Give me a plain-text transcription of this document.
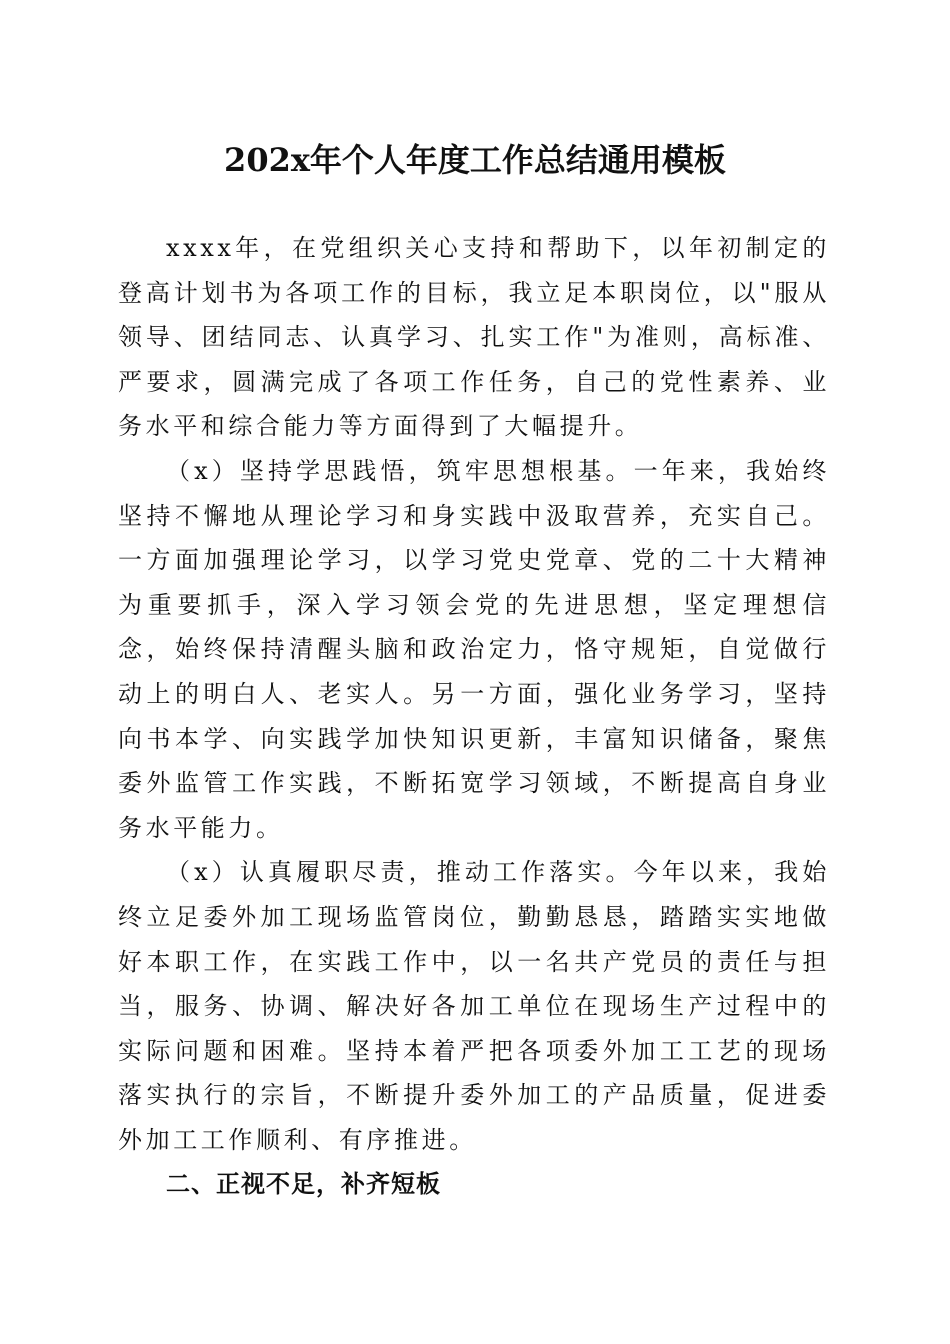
202x年个人年度工作总结通用模板

xxxx年，在党组织关心支持和帮助下，以年初制定的登高计划书为各项工作的目标，我立足本职岗位，以"服从领导、团结同志、认真学习、扎实工作"为准则，高标准、严要求，圆满完成了各项工作任务，自己的党性素养、业务水平和综合能力等方面得到了大幅提升。

（x）坚持学思践悟，筑牢思想根基。一年来，我始终坚持不懈地从理论学习和身实践中汲取营养，充实自己。一方面加强理论学习，以学习党史党章、党的二十大精神为重要抓手，深入学习领会党的先进思想，坚定理想信念，始终保持清醒头脑和政治定力，恪守规矩，自觉做行动上的明白人、老实人。另一方面，强化业务学习，坚持向书本学、向实践学加快知识更新，丰富知识储备，聚焦委外监管工作实践，不断拓宽学习领域，不断提高自身业务水平能力。

（x）认真履职尽责，推动工作落实。今年以来，我始终立足委外加工现场监管岗位，勤勤恳恳，踏踏实实地做好本职工作，在实践工作中，以一名共产党员的责任与担当，服务、协调、解决好各加工单位在现场生产过程中的实际问题和困难。坚持本着严把各项委外加工工艺的现场落实执行的宗旨，不断提升委外加工的产品质量，促进委外加工工作顺利、有序推进。

二、正视不足，补齐短板
